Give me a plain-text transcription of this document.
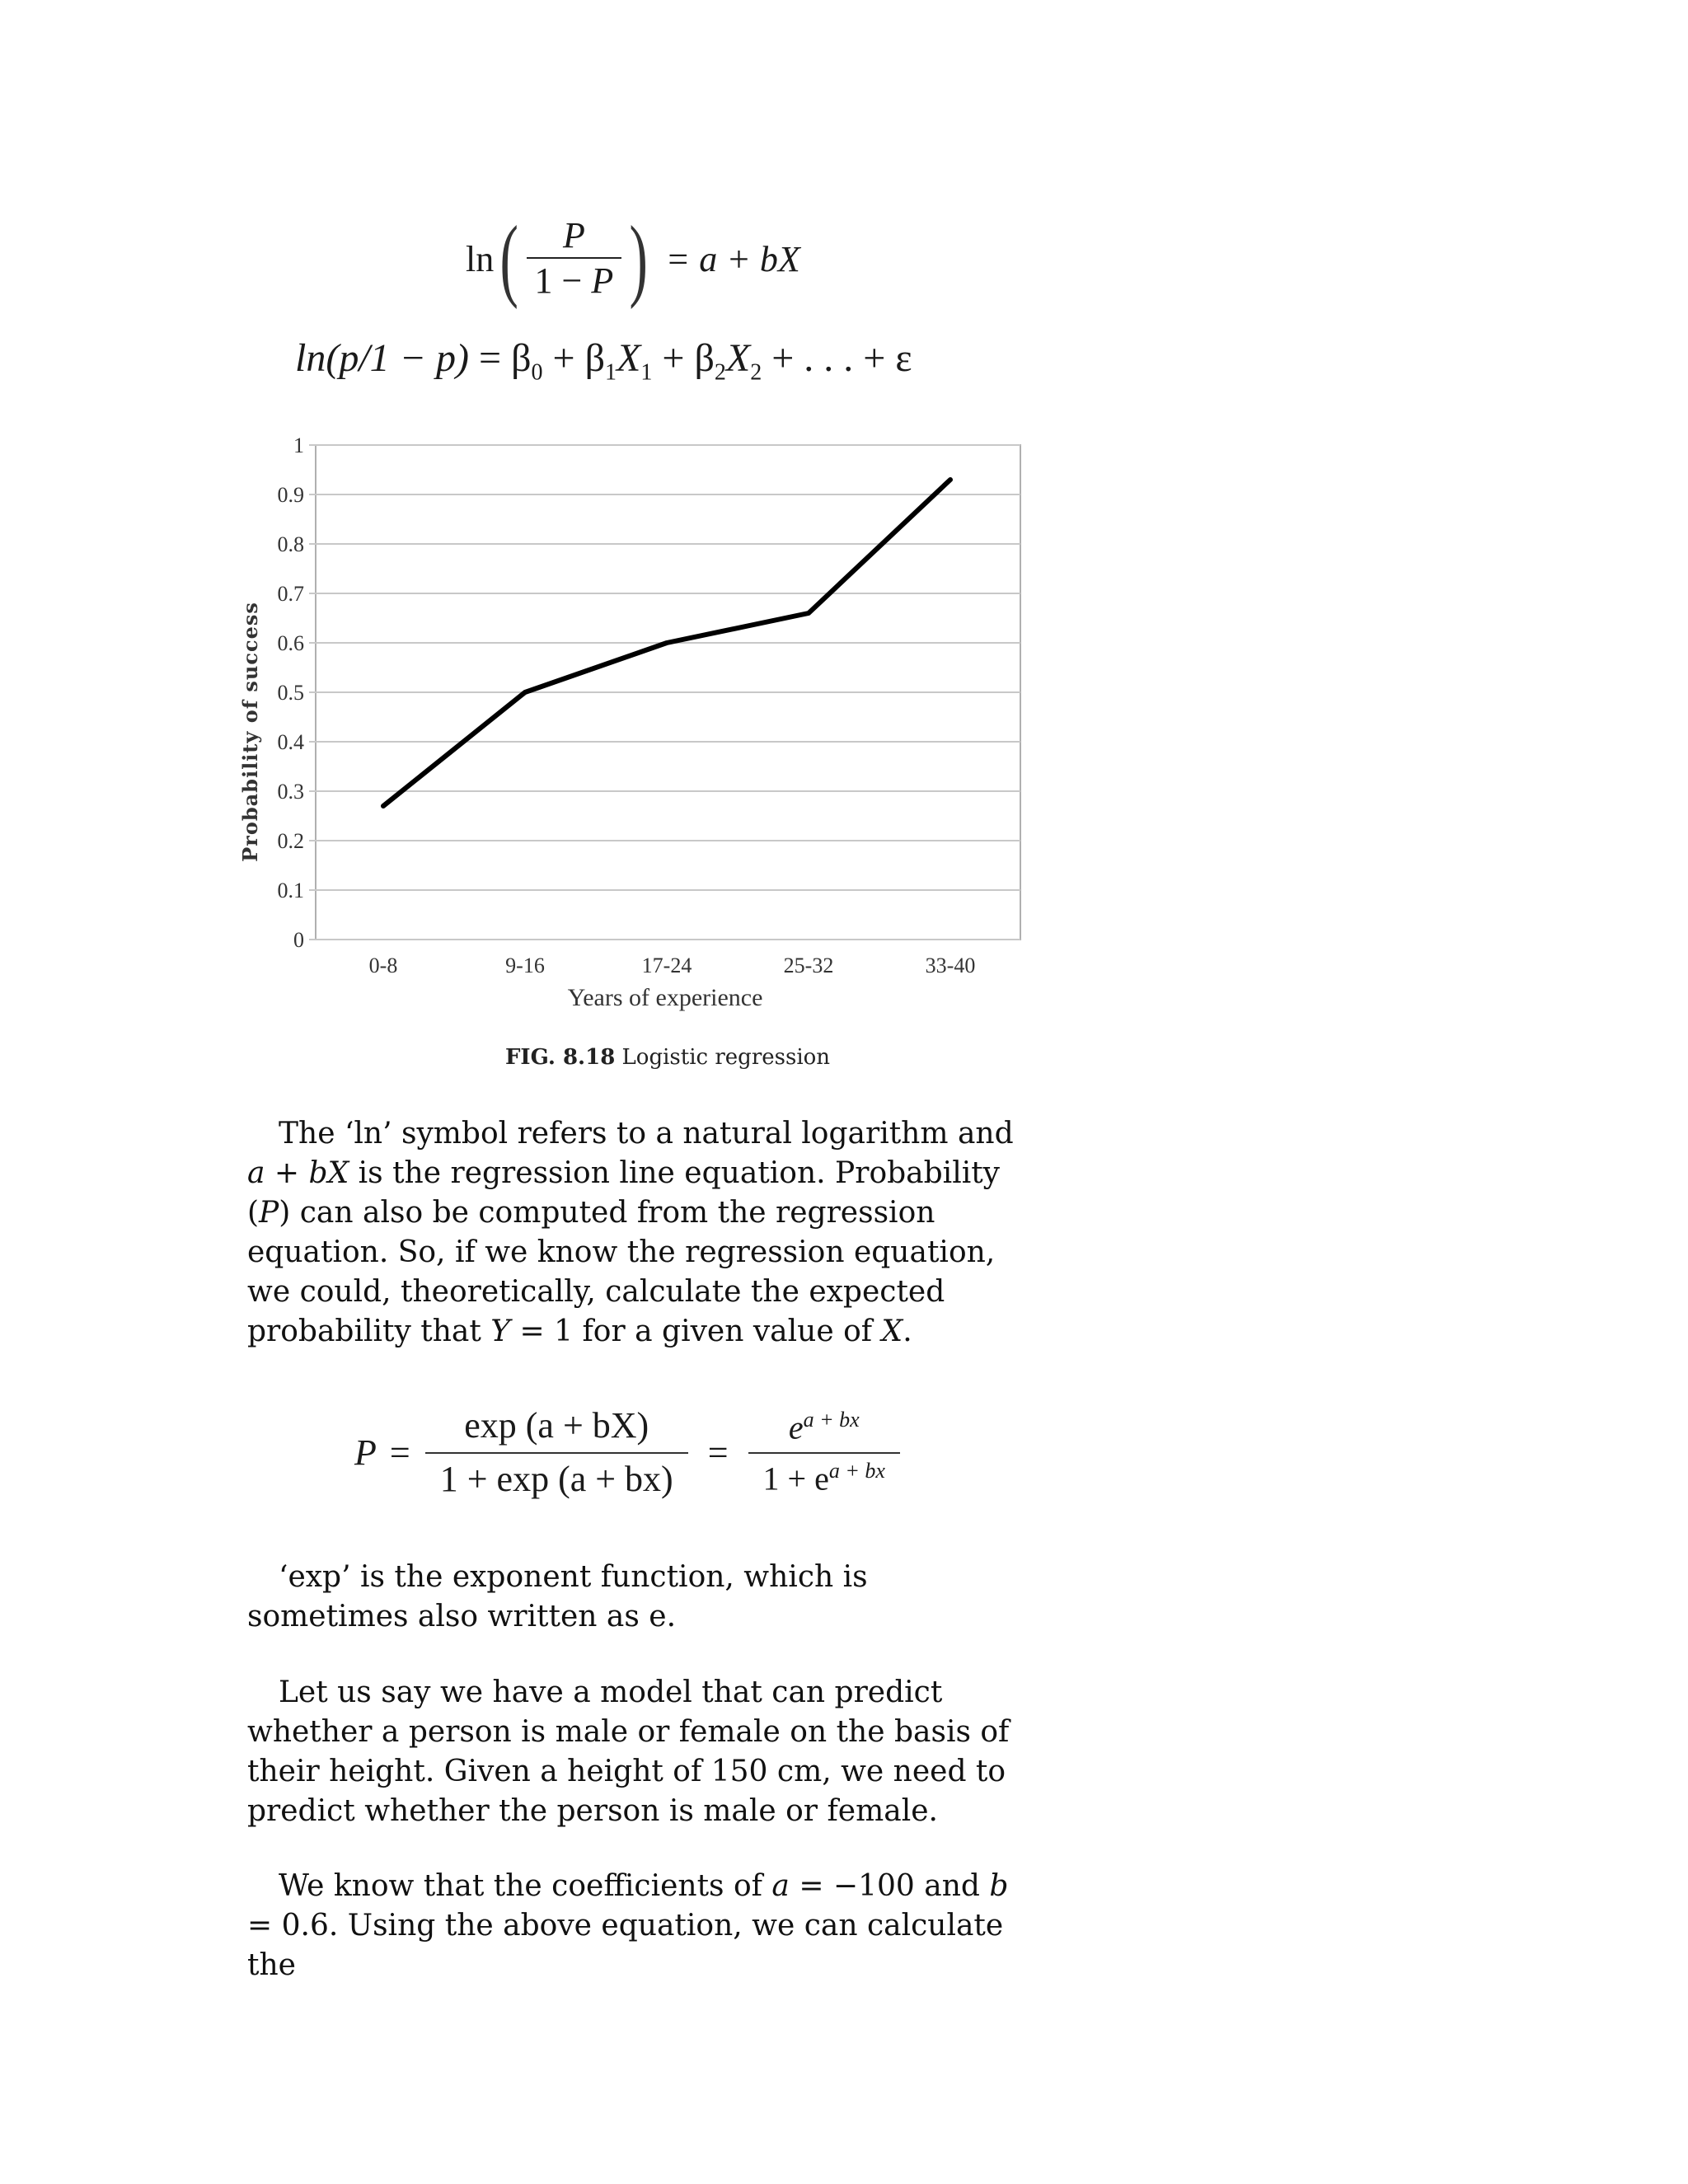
ln ( $\frac{P}{1 - P}$ ) = a + bX
$\ln(p/1 - p) = \beta_0 + \beta_1X_1 + \beta_2X_2$ + . . . + ε
0
0.1
0.2
0.3
0.4
0.5
0.6
0.7
0.8
0.9
1
0-8	9-16	17-24	25-32	33-40
Years of experience
Probability of success
FIG. 8.18 Logistic regression

The ‘ln’ symbol refers to a natural logarithm and a + bX is the regression line equation. Probability (P) can also be computed from the regression equation. So, if we know the regression equation, we could, theoretically, calculate the expected probability that Y = 1 for a given value of X.

$P = \frac{\exp (a + bX)}{1 + \exp (a + bx)} = \frac{e^{a + bx}}{1 + e^{a + bx}}$

‘exp’ is the exponent function, which is sometimes also written as e.

Let us say we have a model that can predict whether a person is male or female on the basis of their height. Given a height of 150 cm, we need to predict whether the person is male or female.

We know that the coefficients of a = −100 and b = 0.6. Using the above equation, we can calculate the
